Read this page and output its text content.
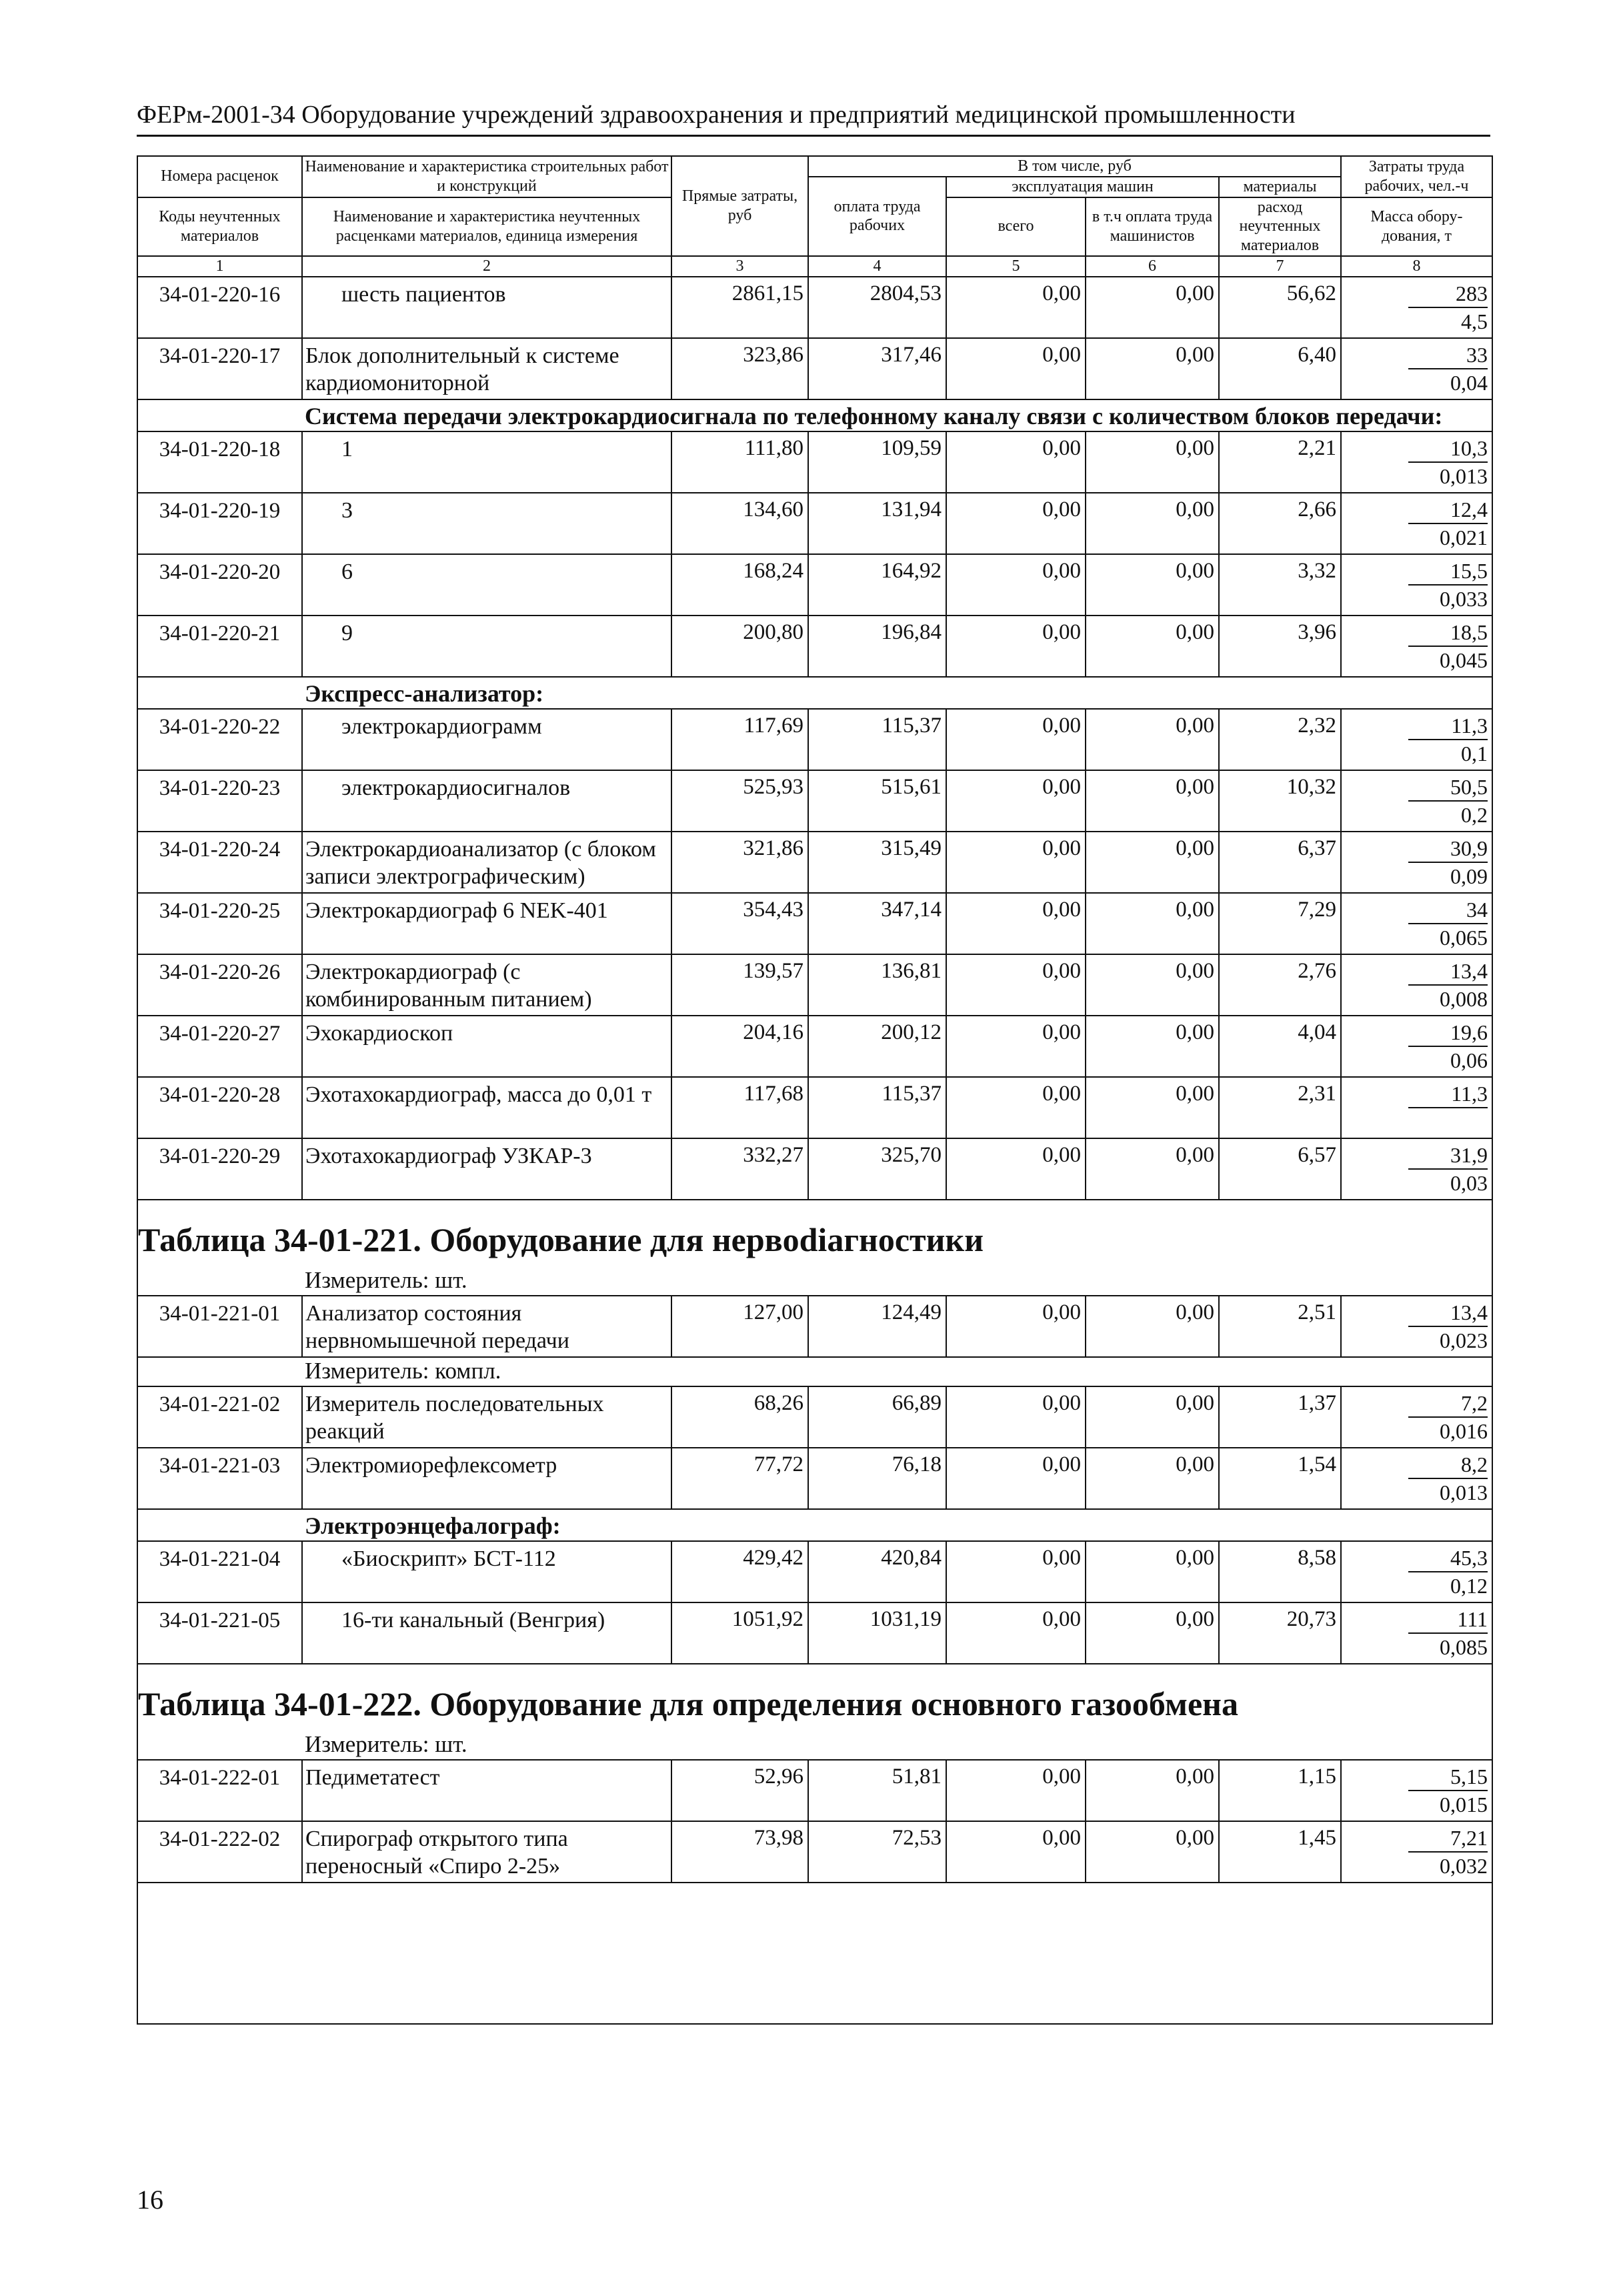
ФЕРм-2001-34 Оборудование учреждений здравоохранения и предприятий медицинской промышленности
Номера расценок	Наименование и характеристика строительных работ и конструкций	Прямые затраты, руб	В том числе, руб				Затраты труда рабочих, чел.-ч
			оплата труда рабочих	эксплуатация машин		материалы	
Коды неучтенных материалов	Наименование и характеристика неучтенных расценками материалов, единица измерения			всего	в т.ч оплата труда машинистов	расход неучтенных материалов	
							Масса обору-дования, т
1	2	3	4	5	6	7	8
34-01-220-16	шесть пациентов	2861,15	2804,53	0,00	0,00	56,62	283
4,5

34-01-220-17	Блок дополнительный к системе кардиомониторной	323,86	317,46	0,00	0,00	6,40	33
0,04

Система передачи электрокардиосигнала по телефонному каналу связи с количеством блоков передачи:							
34-01-220-18	1	111,80	109,59	0,00	0,00	2,21	10,3
0,013

34-01-220-19	3	134,60	131,94	0,00	0,00	2,66	12,4
0,021

34-01-220-20	6	168,24	164,92	0,00	0,00	3,32	15,5
0,033

34-01-220-21	9	200,80	196,84	0,00	0,00	3,96	18,5
0,045

Экспресс-анализатор:							
34-01-220-22	электрокардиограмм	117,69	115,37	0,00	0,00	2,32	11,3
0,1

34-01-220-23	электрокардиосигналов	525,93	515,61	0,00	0,00	10,32	50,5
0,2

34-01-220-24	Электрокардиоанализатор (с блоком записи электрографическим)	321,86	315,49	0,00	0,00	6,37	30,9
0,09

34-01-220-25	Электрокардиограф 6 NEK-401	354,43	347,14	0,00	0,00	7,29	34
0,065

34-01-220-26	Электрокардиограф (с комбинированным питанием)	139,57	136,81	0,00	0,00	2,76	13,4
0,008

34-01-220-27	Эхокардиоскоп	204,16	200,12	0,00	0,00	4,04	19,6
0,06

34-01-220-28	Эхотахокардиограф, масса до 0,01 т	117,68	115,37	0,00	0,00	2,31	11,3

34-01-220-29	Эхотахокардиограф УЗКАР-3	332,27	325,70	0,00	0,00	6,57	31,9
0,03

Таблица 34-01-221. Оборудование для нервodiагностики							
Измеритель: шт.							
34-01-221-01	Анализатор состояния нервномышечной передачи	127,00	124,49	0,00	0,00	2,51	13,4
0,023

Измеритель: компл.							
34-01-221-02	Измеритель последовательных реакций	68,26	66,89	0,00	0,00	1,37	7,2
0,016

34-01-221-03	Электромиорефлексометр	77,72	76,18	0,00	0,00	1,54	8,2
0,013

Электроэнцефалограф:							
34-01-221-04	«Биоскрипт» БСТ-112	429,42	420,84	0,00	0,00	8,58	45,3
0,12

34-01-221-05	16-ти канальный (Венгрия)	1051,92	1031,19	0,00	0,00	20,73	111
0,085

Таблица 34-01-222. Оборудование для определения основного газообмена							
Измеритель: шт.							
34-01-222-01	Педиметатест	52,96	51,81	0,00	0,00	1,15	5,15
0,015

34-01-222-02	Спирограф открытого типа переносный «Спиро 2-25»	73,98	72,53	0,00	0,00	1,45	7,21
0,032

16
